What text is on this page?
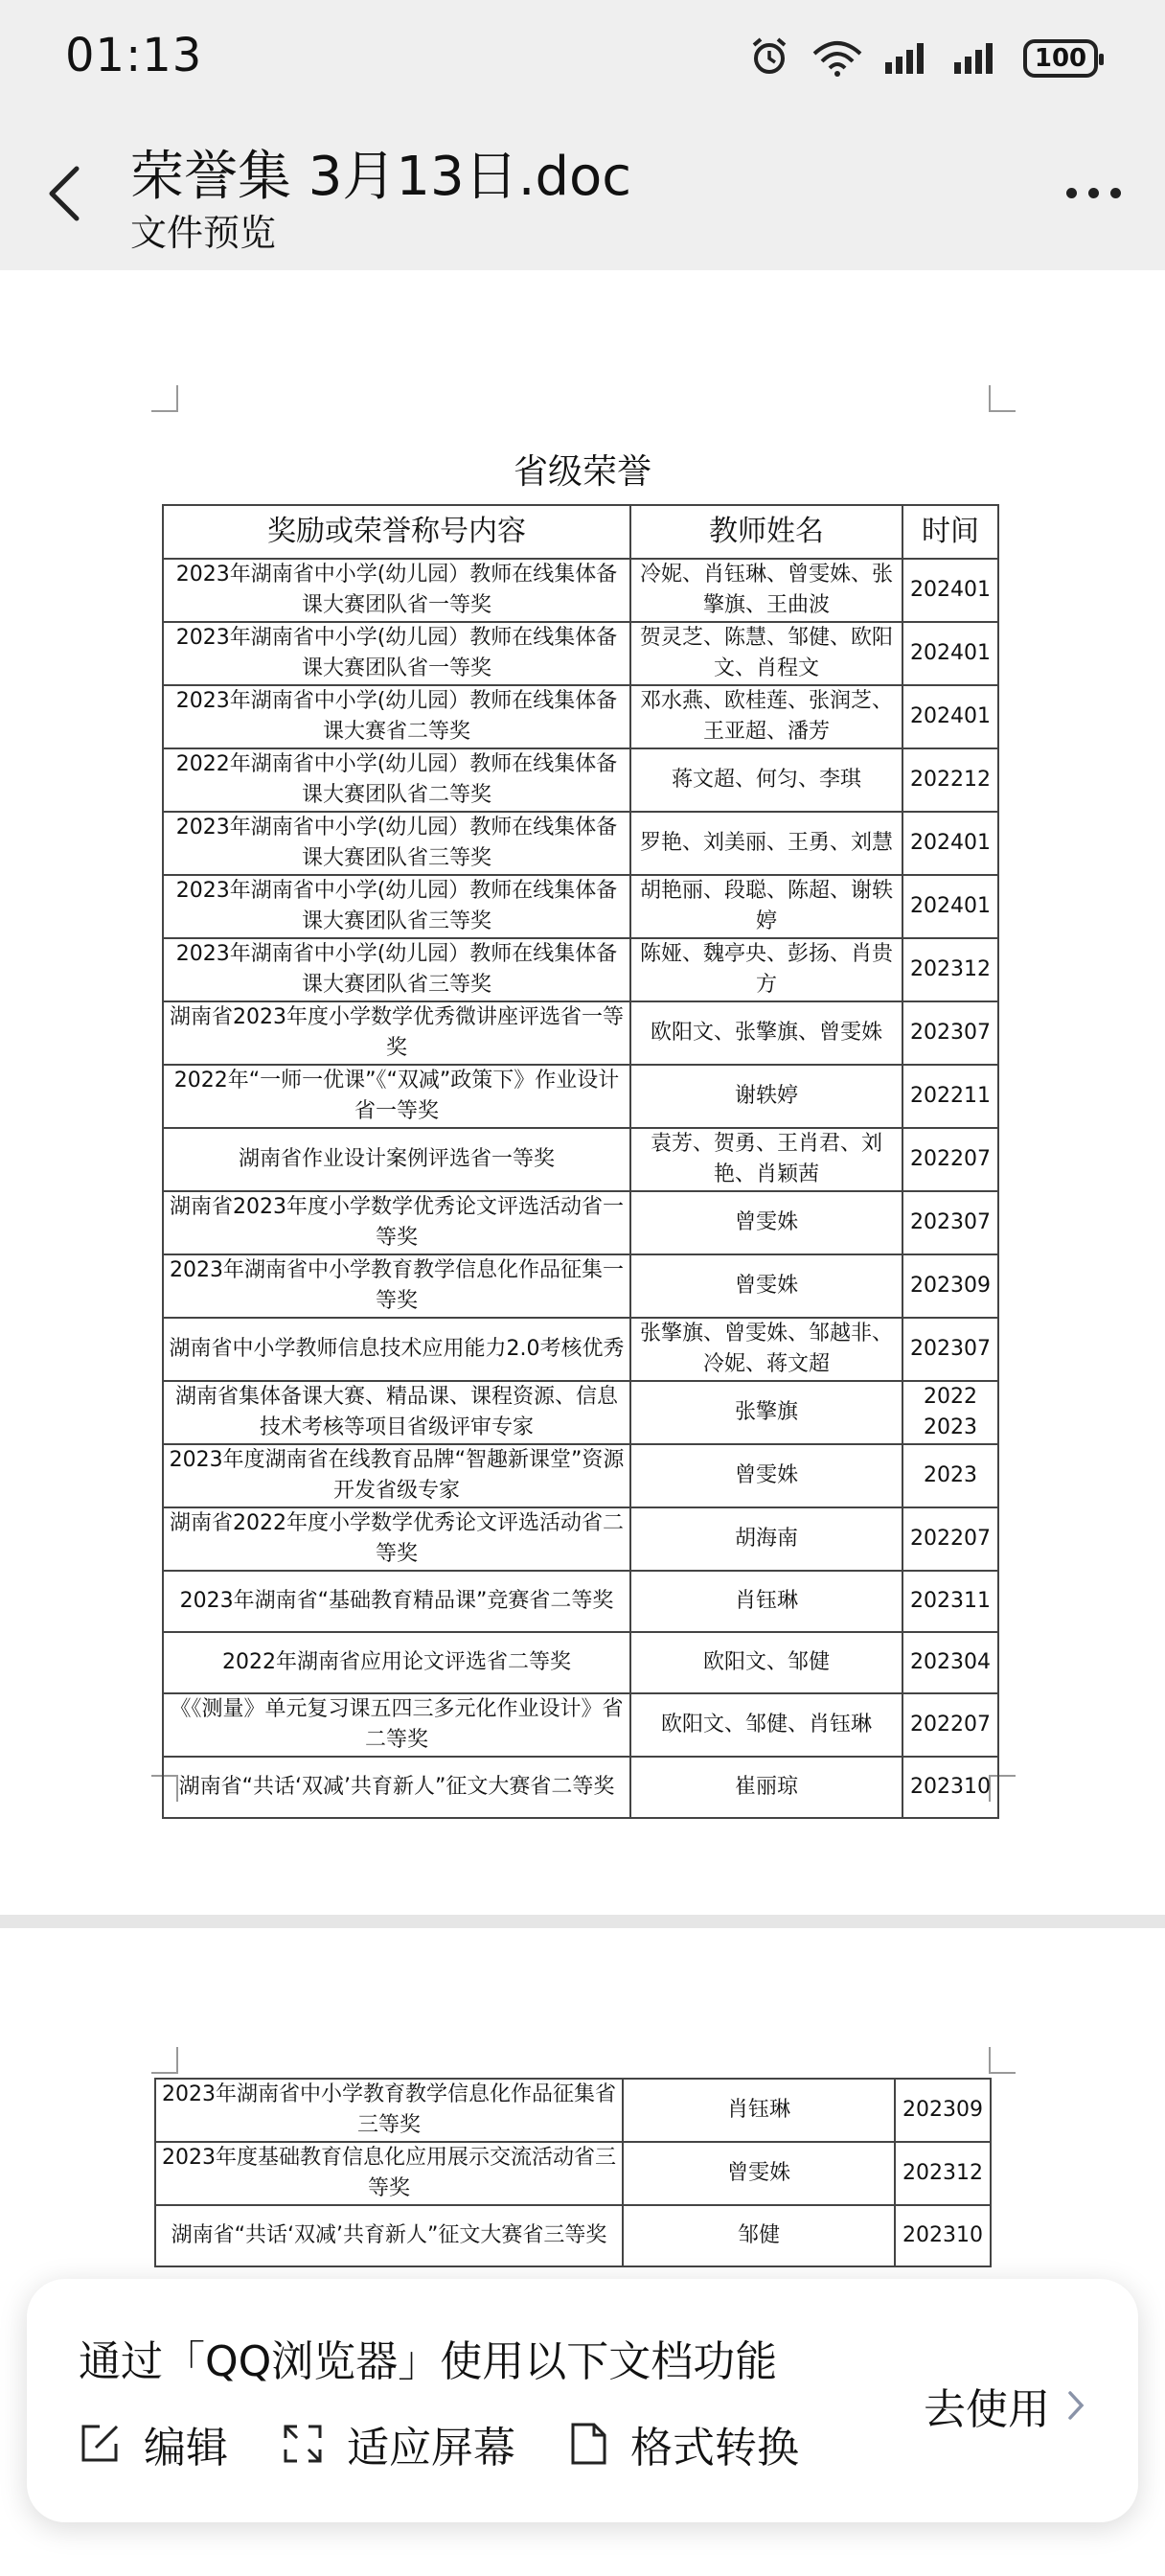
01:13	100
荣誉集 3月13日.doc
文件预览
省级荣誉
奖励或荣誉称号内容	教师姓名	时间
2023年湖南省中小学(幼儿园）教师在线集体备课大赛团队省一等奖	冷妮、肖钰琳、曾雯姝、张擎旗、王曲波	202401
2023年湖南省中小学(幼儿园）教师在线集体备课大赛团队省一等奖	贺灵芝、陈慧、邹健、欧阳文、肖程文	202401
2023年湖南省中小学(幼儿园）教师在线集体备课大赛省二等奖	邓水燕、欧桂莲、张润芝、王亚超、潘芳	202401
2022年湖南省中小学(幼儿园）教师在线集体备课大赛团队省二等奖	蒋文超、何匀、李琪	202212
2023年湖南省中小学(幼儿园）教师在线集体备课大赛团队省三等奖	罗艳、刘美丽、王勇、刘慧	202401
2023年湖南省中小学(幼儿园）教师在线集体备课大赛团队省三等奖	胡艳丽、段聪、陈超、谢轶婷	202401
2023年湖南省中小学(幼儿园）教师在线集体备课大赛团队省三等奖	陈娅、魏亭央、彭扬、肖贵方	202312
湖南省2023年度小学数学优秀微讲座评选省一等奖	欧阳文、张擎旗、曾雯姝	202307
2022年“一师一优课”《“双减”政策下》作业设计省一等奖	谢轶婷	202211
湖南省作业设计案例评选省一等奖	袁芳、贺勇、王肖君、刘艳、肖颖茜	202207
湖南省2023年度小学数学优秀论文评选活动省一等奖	曾雯姝	202307
2023年湖南省中小学教育教学信息化作品征集一等奖	曾雯姝	202309
湖南省中小学教师信息技术应用能力2.0考核优秀	张擎旗、曾雯姝、邹越非、冷妮、蒋文超	202307
湖南省集体备课大赛、精品课、课程资源、信息技术考核等项目省级评审专家	张擎旗	2022 2023
2023年度湖南省在线教育品牌“智趣新课堂”资源开发省级专家	曾雯姝	2023
湖南省2022年度小学数学优秀论文评选活动省二等奖	胡海南	202207
2023年湖南省“基础教育精品课”竞赛省二等奖	肖钰琳	202311
2022年湖南省应用论文评选省二等奖	欧阳文、邹健	202304
《《测量》单元复习课五四三多元化作业设计》省二等奖	欧阳文、邹健、肖钰琳	202207
湖南省“共话‘双减’共育新人”征文大赛省二等奖	崔丽琼	202310
2023年湖南省中小学教育教学信息化作品征集省三等奖	肖钰琳	202309
2023年度基础教育信息化应用展示交流活动省三等奖	曾雯姝	202312
湖南省“共话‘双减’共育新人”征文大赛省三等奖	邹健	202310
通过「QQ浏览器」使用以下文档功能
编辑	适应屏幕	格式转换
去使用
